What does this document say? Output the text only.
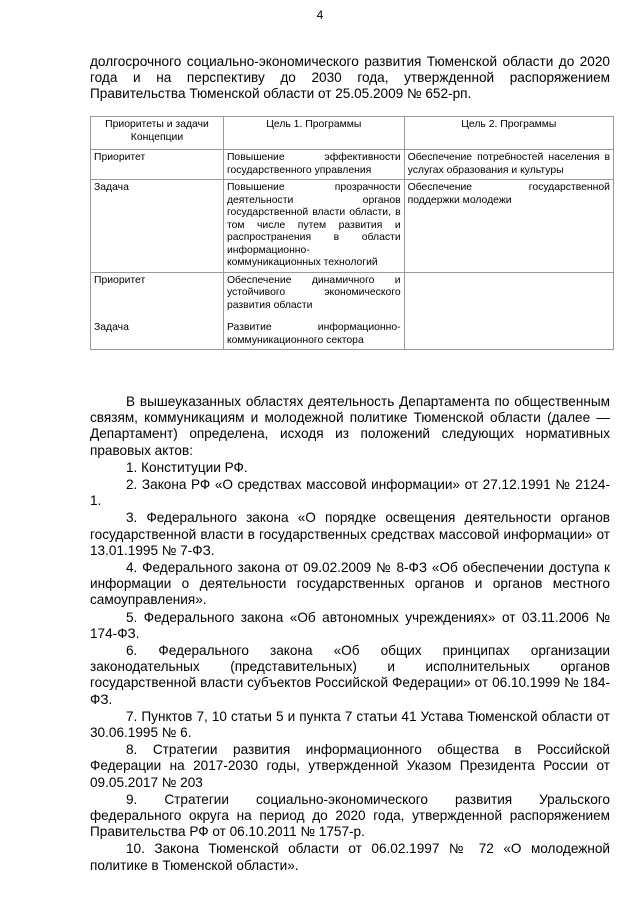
4

долгосрочного социально-экономического развития Тюменской области до 2020 года и на перспективу до 2030 года, утвержденной распоряжением Правительства Тюменской области от 25.05.2009 № 652-рп.

Приоритеты и задачи Концепции	Цель 1. Программы	Цель 2. Программы
Приоритет	Повышение эффективности государственного управления	Обеспечение потребностей населения в услугах образования и культуры
Задача	Повышение прозрачности деятельности органов государственной власти области, в том числе путем развития и распространения в области информационно-коммуникационных технологий	Обеспечение государственной поддержки молодежи
Приоритет	Обеспечение динамичного и устойчивого экономического развития области	
Задача	Развитие информационно-коммуникационного сектора	

В вышеуказанных областях деятельность Департамента по общественным связям, коммуникациям и молодежной политике Тюменской области (далее — Департамент) определена, исходя из положений следующих нормативных правовых актов:

1. Конституции РФ.

2. Закона РФ «О средствах массовой информации» от 27.12.1991 № 2124-1.

3. Федерального закона «О порядке освещения деятельности органов государственной власти в государственных средствах массовой информации» от 13.01.1995 № 7-ФЗ.

4. Федерального закона от 09.02.2009 № 8-ФЗ «Об обеспечении доступа к информации о деятельности государственных органов и органов местного самоуправления».

5. Федерального закона «Об автономных учреждениях» от 03.11.2006 № 174-ФЗ.

6. Федерального закона «Об общих принципах организации законодательных (представительных) и исполнительных органов государственной власти субъектов Российской Федерации» от 06.10.1999 № 184-ФЗ.

7. Пунктов 7, 10 статьи 5 и пункта 7 статьи 41 Устава Тюменской области от 30.06.1995 № 6.

8. Стратегии развития информационного общества в Российской Федерации на 2017-2030 годы, утвержденной Указом Президента России от 09.05.2017 № 203

9. Стратегии социально-экономического развития Уральского федерального округа на период до 2020 года, утвержденной распоряжением Правительства РФ от 06.10.2011 № 1757-р.

10. Закона Тюменской области от 06.02.1997 № 72 «О молодежной политике в Тюменской области».
